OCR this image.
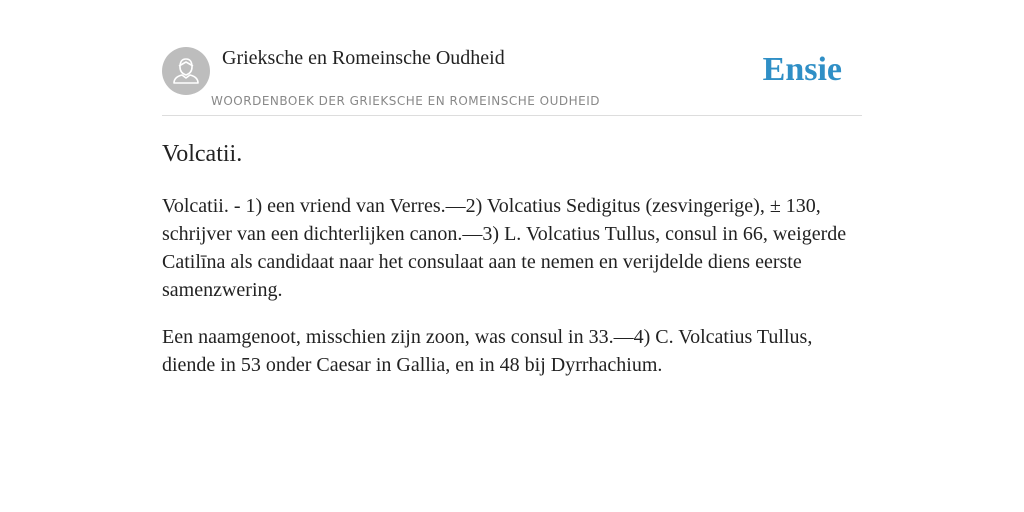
Grieksche en Romeinsche Oudheid
WOORDENBOEK DER GRIEKSCHE EN ROMEINSCHE OUDHEID
Ensie
Volcatii.

Volcatii. - 1) een vriend van Verres.—2) Volcatius Sedigitus (zesvingerige), ± 130, schrijver van een dichterlijken canon.—3) L. Volcatius Tullus, consul in 66, weigerde Catilīna als candidaat naar het consulaat aan te nemen en verijdelde diens eerste samenzwering.

Een naamgenoot, misschien zijn zoon, was consul in 33.—4) C. Volcatius Tullus, diende in 53 onder Caesar in Gallia, en in 48 bij Dyrrhachium.
